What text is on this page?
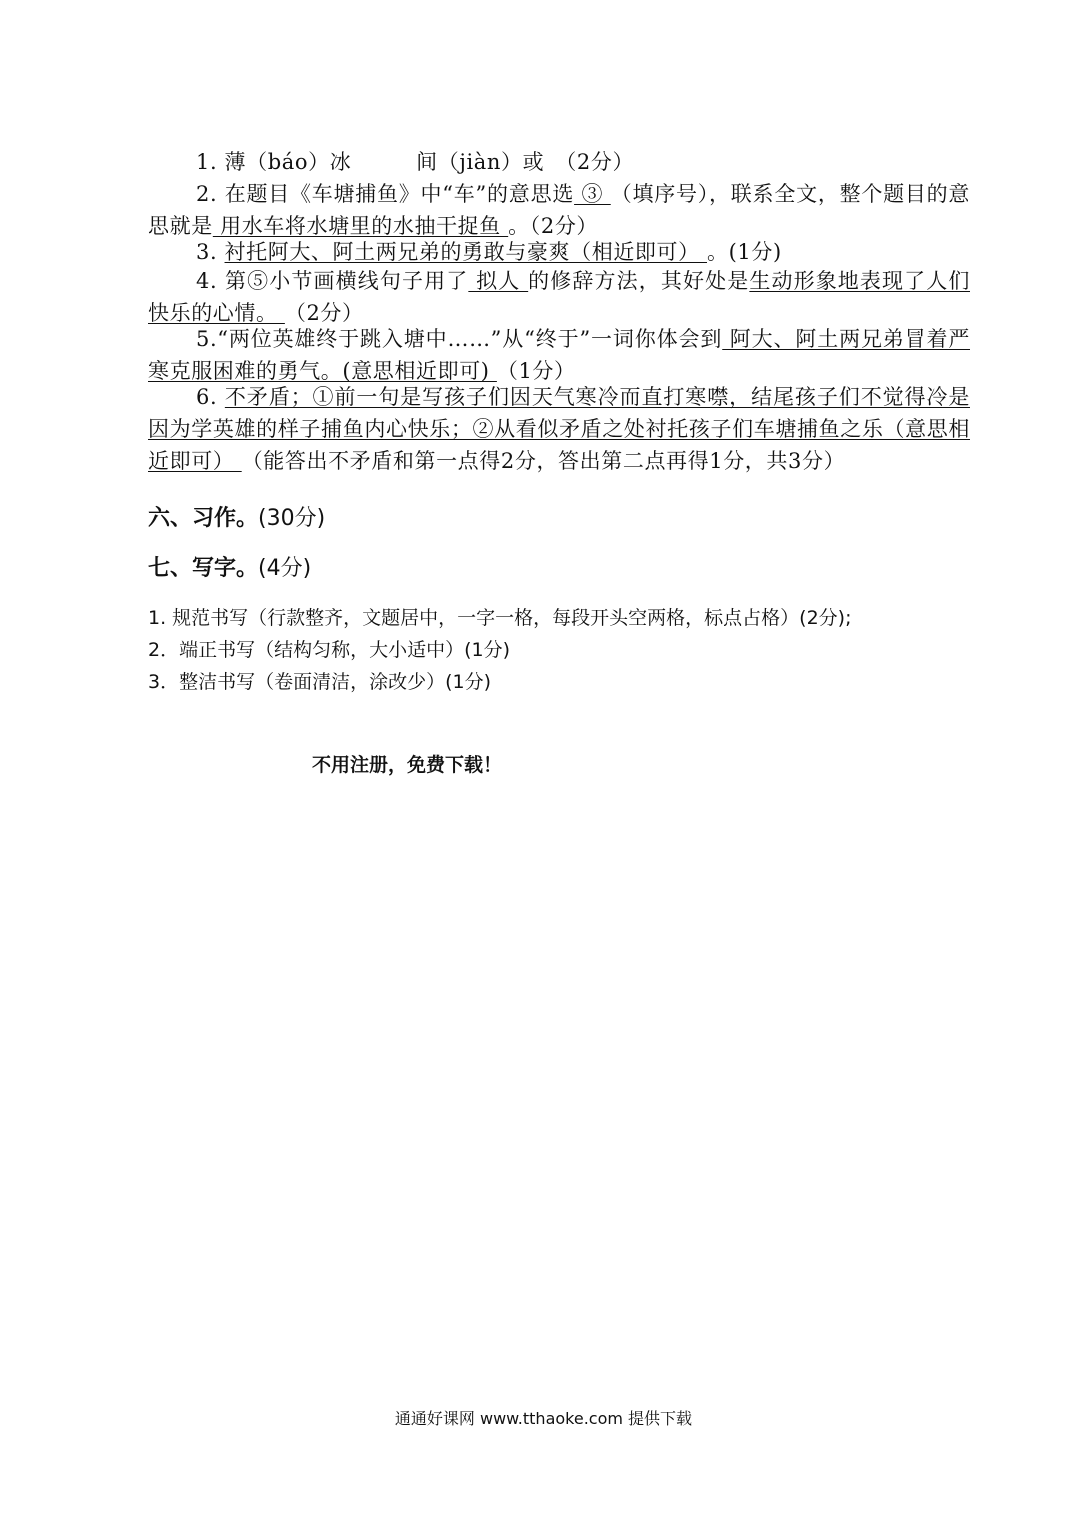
1. 薄（báo）冰　　　间（jiàn）或　（2分）
2. 在题目《车塘捕鱼》中“车”的意思选 ③ （填序号），联系全文，整个题目的意思就是 用水车将水塘里的水抽干捉鱼 。（2分）
3. 衬托阿大、阿土两兄弟的勇敢与豪爽（相近即可） 。(1分)
4. 第⑤小节画横线句子用了 拟人 的修辞方法，其好处是生动形象地表现了人们快乐的心情。 （2分）
5.“两位英雄终于跳入塘中……”从“终于”一词你体会到 阿大、阿土两兄弟冒着严寒克服困难的勇气。(意思相近即可) （1分）
6. 不矛盾；①前一句是写孩子们因天气寒冷而直打寒噤，结尾孩子们不觉得冷是因为学英雄的样子捕鱼内心快乐；②从看似矛盾之处衬托孩子们车塘捕鱼之乐（意思相近即可） （能答出不矛盾和第一点得2分，答出第二点再得1分，共3分）
六、习作。(30分)
七、写字。(4分)
1. 规范书写（行款整齐，文题居中，一字一格，每段开头空两格，标点占格）(2分);
2．端正书写（结构匀称，大小适中）(1分)
3．整洁书写（卷面清洁，涂改少）(1分)
不用注册，免费下载！
通通好课网 www.tthaoke.com 提供下载
